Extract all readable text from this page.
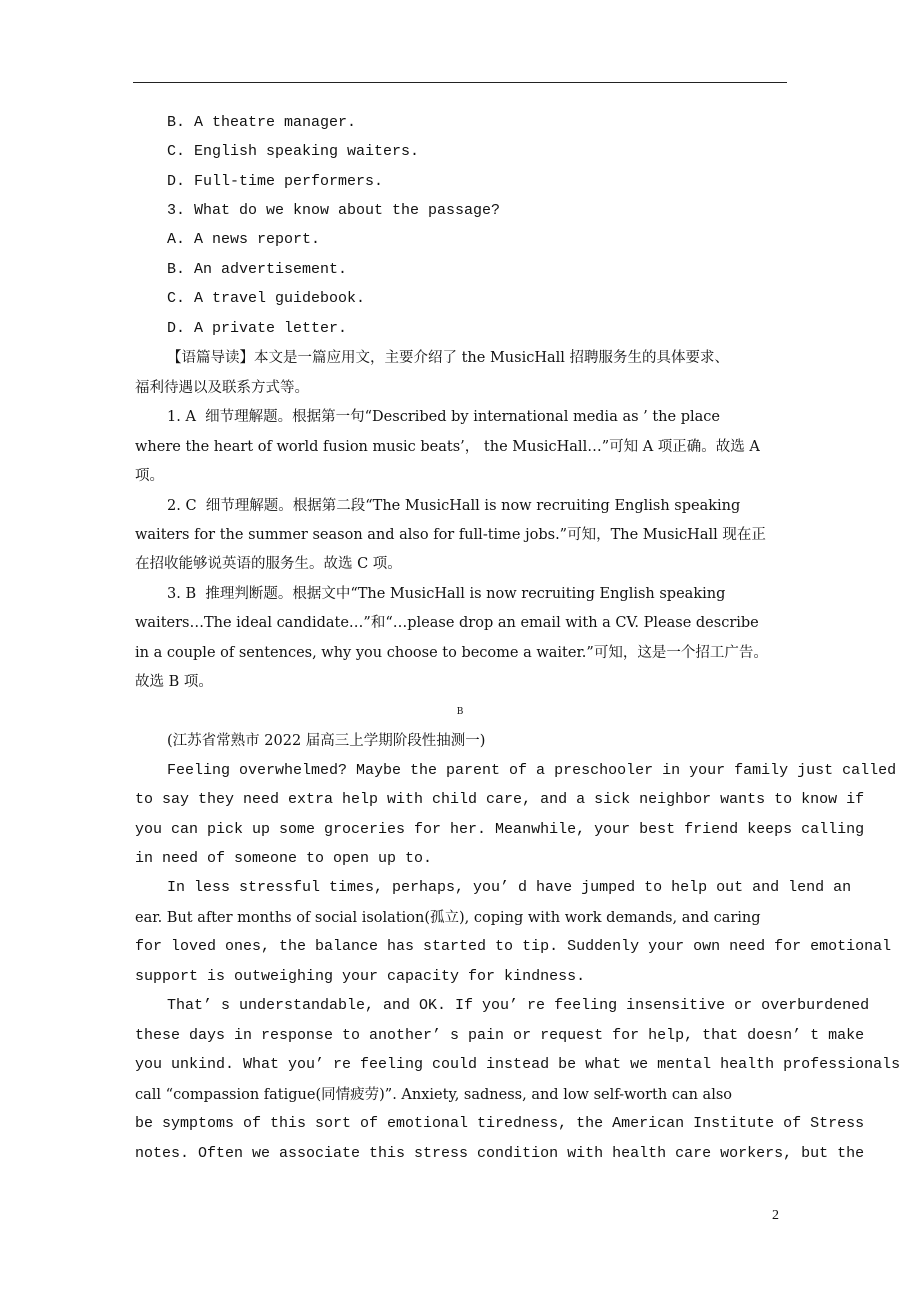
B. A theatre manager.
C. English speaking waiters.
D. Full-time performers.
3. What do we know about the passage?
A. A news report.
B. An advertisement.
C. A travel guidebook.
D. A private letter.
【语篇导读】本文是一篇应用文，主要介绍了 the MusicHall 招聘服务生的具体要求、
福利待遇以及联系方式等。
1. A  细节理解题。根据第一句“Described by international media as ’ the place
where the heart of world fusion music beats’， the MusicHall…”可知 A 项正确。故选 A
项。
2. C  细节理解题。根据第二段“The MusicHall is now recruiting English speaking
waiters for the summer season and also for full-time jobs.”可知，The MusicHall 现在正
在招收能够说英语的服务生。故选 C 项。
3. B  推理判断题。根据文中“The MusicHall is now recruiting English speaking
waiters…The ideal candidate…”和“…please drop an email with a CV. Please describe
in a couple of sentences, why you choose to become a waiter.”可知，这是一个招工广告。
故选 B 项。
B
(江苏省常熟市 2022 届高三上学期阶段性抽测一)
Feeling overwhelmed? Maybe the parent of a preschooler in your family just called
to say they need extra help with child care, and a sick neighbor wants to know if
you can pick up some groceries for her. Meanwhile, your best friend keeps calling
in need of someone to open up to.
In less stressful times, perhaps, you’ d have jumped to help out and lend an
ear. But after months of social isolation(孤立), coping with work demands, and caring
for loved ones, the balance has started to tip. Suddenly your own need for emotional
support is outweighing your capacity for kindness.
That’ s understandable, and OK. If you’ re feeling insensitive or overburdened
these days in response to another’ s pain or request for help, that doesn’ t make
you unkind. What you’ re feeling could instead be what we mental health professionals
call “compassion fatigue(同情疲劳)”. Anxiety, sadness, and low self-worth can also
be symptoms of this sort of emotional tiredness, the American Institute of Stress
notes. Often we associate this stress condition with health care workers, but the
2
